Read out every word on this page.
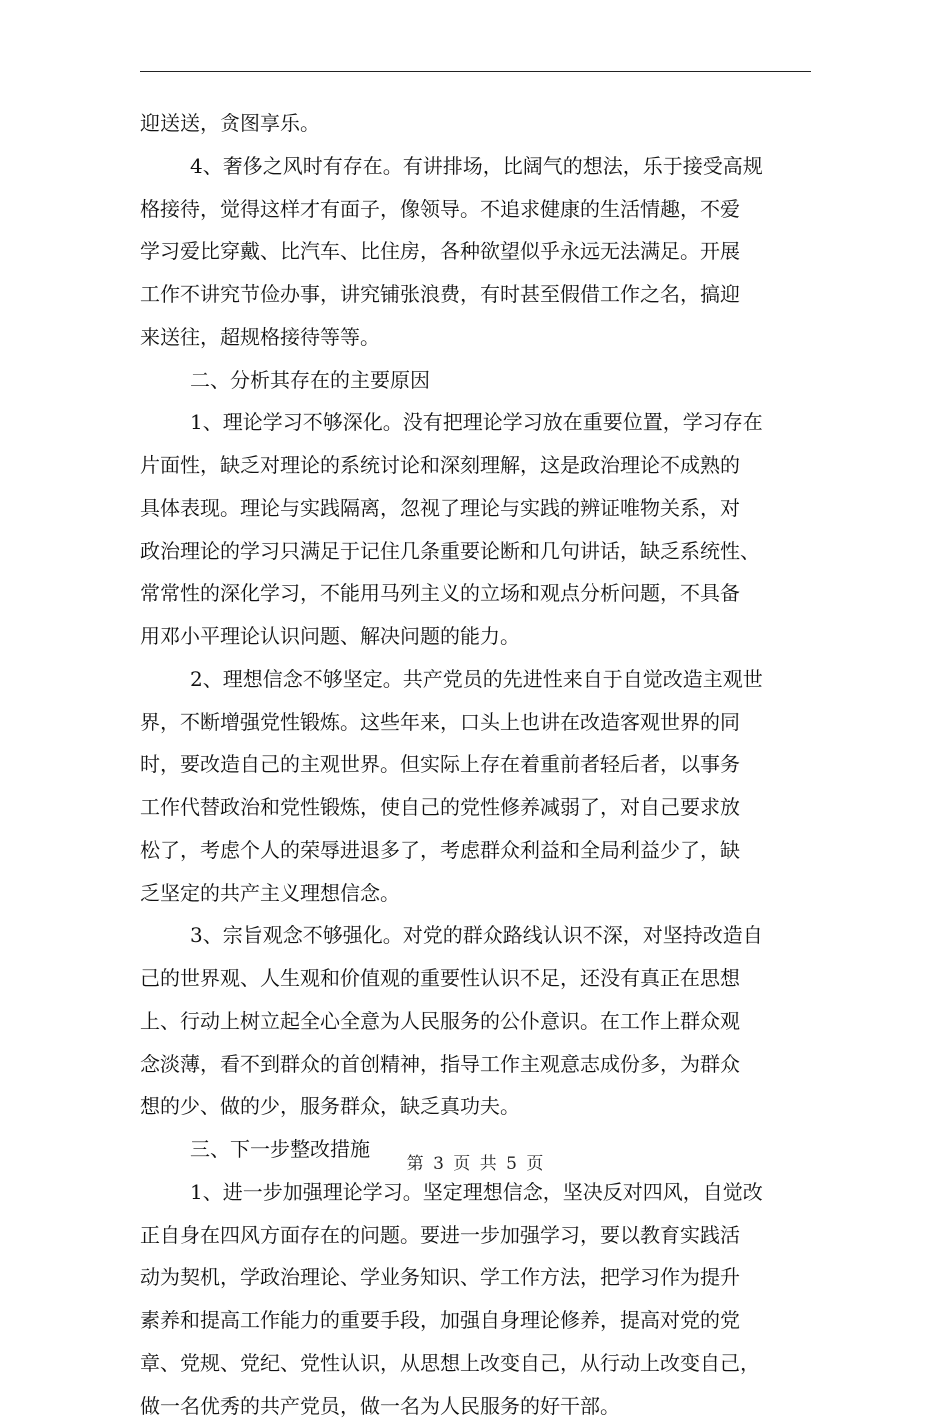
迎送送，贪图享乐。
4、奢侈之风时有存在。有讲排场，比阔气的想法，乐于接受高规
格接待，觉得这样才有面子，像领导。不追求健康的生活情趣，不爱
学习爱比穿戴、比汽车、比住房，各种欲望似乎永远无法满足。开展
工作不讲究节俭办事，讲究铺张浪费，有时甚至假借工作之名，搞迎
来送往，超规格接待等等。
二、分析其存在的主要原因
1、理论学习不够深化。没有把理论学习放在重要位置，学习存在
片面性，缺乏对理论的系统讨论和深刻理解，这是政治理论不成熟的
具体表现。理论与实践隔离，忽视了理论与实践的辨证唯物关系，对
政治理论的学习只满足于记住几条重要论断和几句讲话，缺乏系统性、
常常性的深化学习，不能用马列主义的立场和观点分析问题，不具备
用邓小平理论认识问题、解决问题的能力。
2、理想信念不够坚定。共产党员的先进性来自于自觉改造主观世
界，不断增强党性锻炼。这些年来，口头上也讲在改造客观世界的同
时，要改造自己的主观世界。但实际上存在着重前者轻后者，以事务
工作代替政治和党性锻炼，使自己的党性修养减弱了，对自己要求放
松了，考虑个人的荣辱进退多了，考虑群众利益和全局利益少了，缺
乏坚定的共产主义理想信念。
3、宗旨观念不够强化。对党的群众路线认识不深，对坚持改造自
己的世界观、人生观和价值观的重要性认识不足，还没有真正在思想
上、行动上树立起全心全意为人民服务的公仆意识。在工作上群众观
念淡薄，看不到群众的首创精神，指导工作主观意志成份多，为群众
想的少、做的少，服务群众，缺乏真功夫。
三、下一步整改措施
1、进一步加强理论学习。坚定理想信念，坚决反对四风，自觉改
正自身在四风方面存在的问题。要进一步加强学习，要以教育实践活
动为契机，学政治理论、学业务知识、学工作方法，把学习作为提升
素养和提高工作能力的重要手段，加强自身理论修养，提高对党的党
章、党规、党纪、党性认识，从思想上改变自己，从行动上改变自己，
做一名优秀的共产党员，做一名为人民服务的好干部。
第 3 页 共 5 页
